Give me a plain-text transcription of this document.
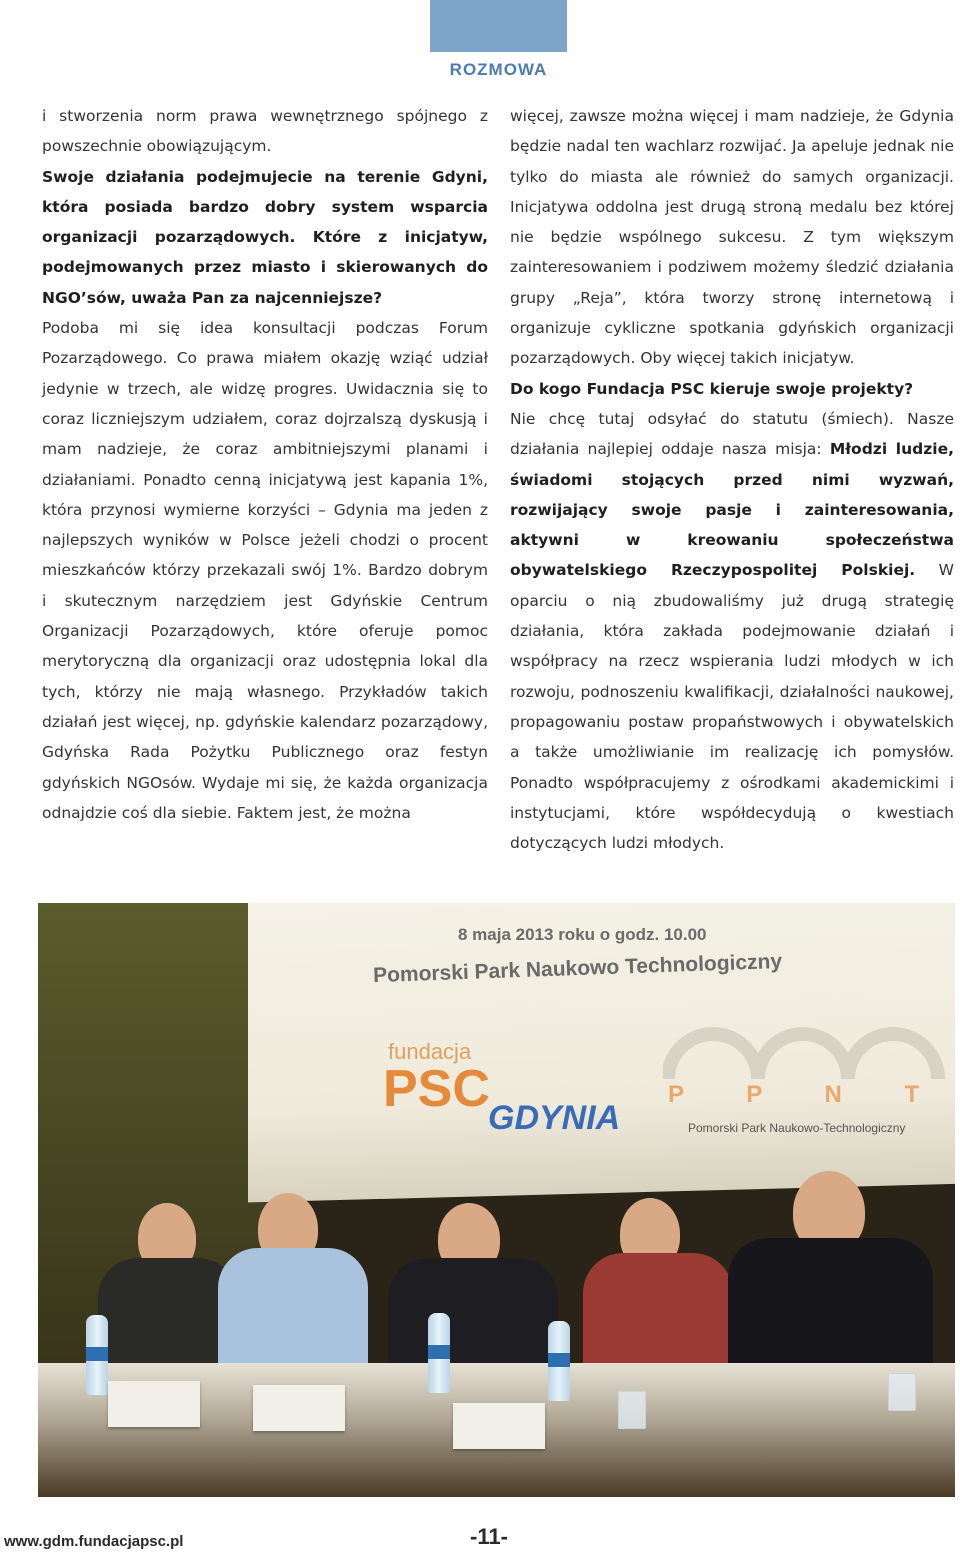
ROZMOWA

i stworzenia norm prawa wewnętrznego spójnego z powszechnie obowiązującym.

Swoje działania podejmujecie na terenie Gdyni, która posiada bardzo dobry system wsparcia organizacji pozarządowych. Które z inicjatyw, podejmowanych przez miasto i skierowanych do NGO’sów, uważa Pan za najcenniejsze?

Podoba mi się idea konsultacji podczas Forum Pozarządowego. Co prawa miałem okazję wziąć udział jedynie w trzech, ale widzę progres. Uwidacznia się to coraz liczniejszym udziałem, coraz dojrzalszą dyskusją i mam nadzieje, że coraz ambitniejszymi planami i działaniami. Ponadto cenną inicjatywą jest kapania 1%, która przynosi wymierne korzyści – Gdynia ma jeden z najlepszych wyników w Polsce jeżeli chodzi o procent mieszkańców którzy przekazali swój 1%. Bardzo dobrym i skutecznym narzędziem jest Gdyńskie Centrum Organizacji Pozarządowych, które oferuje pomoc merytoryczną dla organizacji oraz udostępnia lokal dla tych, którzy nie mają własnego. Przykładów takich działań jest więcej, np. gdyńskie kalendarz pozarządowy, Gdyńska Rada Pożytku Publicznego oraz festyn gdyńskich NGOsów. Wydaje mi się, że każda organizacja odnajdzie coś dla siebie. Faktem jest, że można

więcej, zawsze można więcej i mam nadzieje, że Gdynia będzie nadal ten wachlarz rozwijać. Ja apeluje jednak nie tylko do miasta ale również do samych organizacji. Inicjatywa oddolna jest drugą stroną medalu bez której nie będzie wspólnego sukcesu. Z tym większym zainteresowaniem i podziwem możemy śledzić działania grupy „Reja”, która tworzy stronę internetową i organizuje cykliczne spotkania gdyńskich organizacji pozarządowych. Oby więcej takich inicjatyw.

Do kogo Fundacja PSC kieruje swoje projekty?

Nie chcę tutaj odsyłać do statutu (śmiech). Nasze działania najlepiej oddaje nasza misja: Młodzi ludzie, świadomi stojących przed nimi wyzwań, rozwijający swoje pasje i zainteresowania, aktywni w kreowaniu społeczeństwa obywatelskiego Rzeczypospolitej Polskiej. W oparciu o nią zbudowaliśmy już drugą strategię działania, która zakłada podejmowanie działań i współpracy na rzecz wspierania ludzi młodych w ich rozwoju, podnoszeniu kwalifikacji, działalności naukowej, propagowaniu postaw propaństwowych i obywatelskich a także umożliwianie im realizację ich pomysłów. Ponadto współpracujemy z ośrodkami akademickimi i instytucjami, które współdecydują o kwestiach dotyczących ludzi młodych.

8 maja 2013 roku o godz. 10.00
Pomorski Park Naukowo Technologiczny
fundacja
PSC
GDYNIA
P P N T
Pomorski Park Naukowo-Technologiczny
www.gdm.fundacjapsc.pl	-11-
